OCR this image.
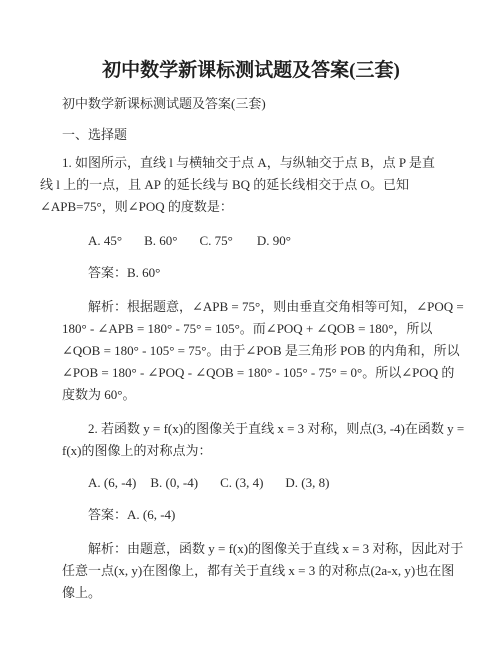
初中数学新课标测试题及答案(三套)
初中数学新课标测试题及答案(三套)
一、选择题
1. 如图所示，直线 l 与横轴交于点 A，与纵轴交于点 B，点 P 是直
线 l 上的一点，且 AP 的延长线与 BQ 的延长线相交于点 O。已知
∠APB=75°，则∠POQ 的度数是：
A. 45° B. 60° C. 75° D. 90°
答案：B. 60°
解析：根据题意，∠APB = 75°，则由垂直交角相等可知，∠POQ =
180° - ∠APB = 180° - 75° = 105°。而∠POQ + ∠QOB = 180°，所以
∠QOB = 180° - 105° = 75°。由于∠POB 是三角形 POB 的内角和，所以
∠POB = 180° - ∠POQ - ∠QOB = 180° - 105° - 75° = 0°。所以∠POQ 的
度数为 60°。
2. 若函数 y = f(x)的图像关于直线 x = 3 对称，则点(3, -4)在函数 y =
f(x)的图像上的对称点为：
A. (6, -4) B. (0, -4) C. (3, 4) D. (3, 8)
答案：A. (6, -4)
解析：由题意，函数 y = f(x)的图像关于直线 x = 3 对称，因此对于
任意一点(x, y)在图像上，都有关于直线 x = 3 的对称点(2a-x, y)也在图
像上。
